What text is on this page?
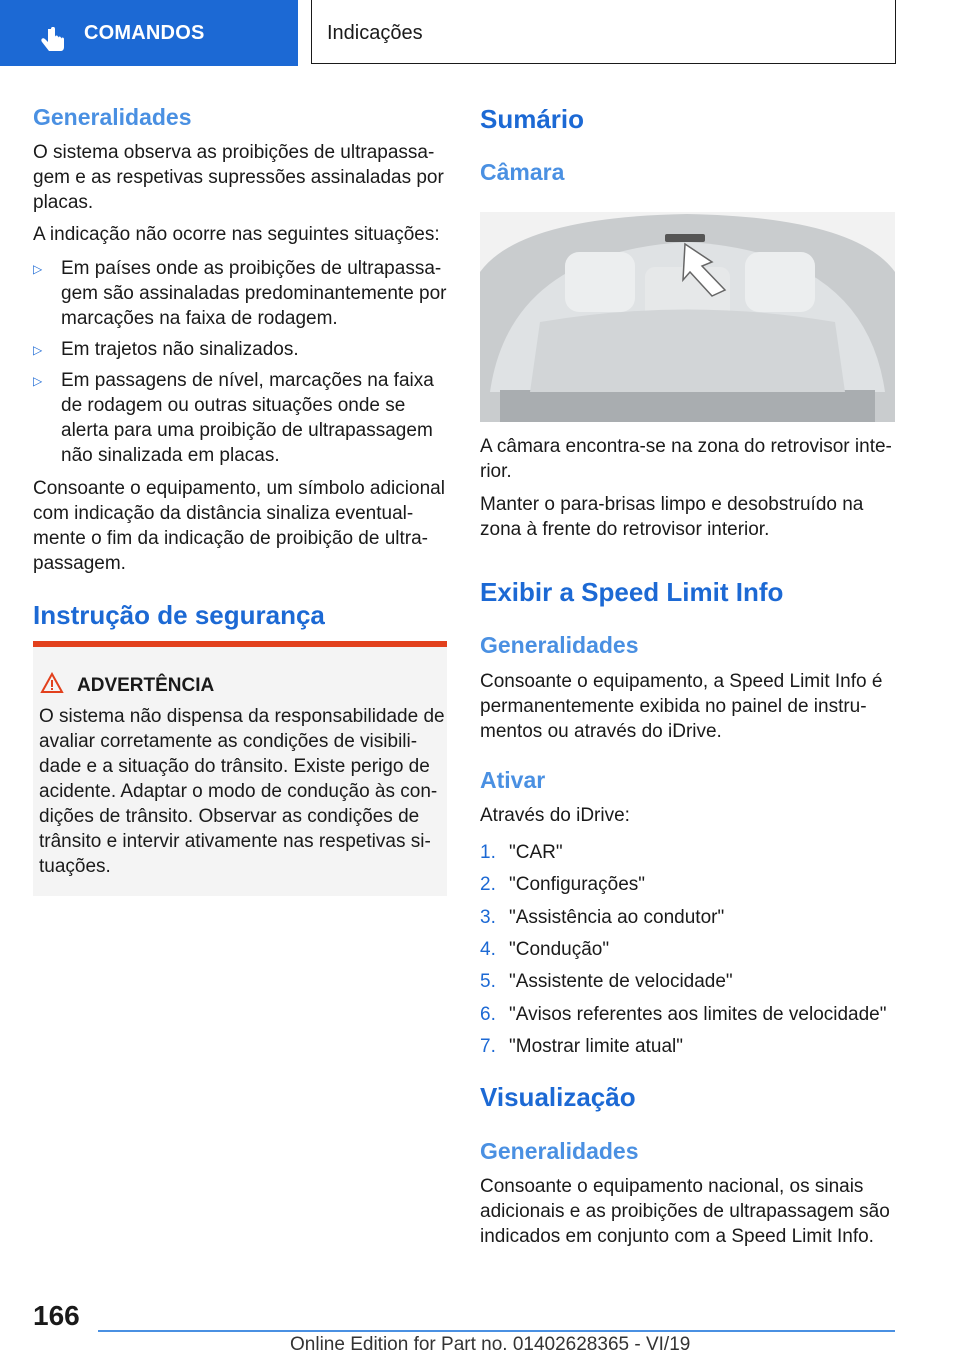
COMANDOS	Indicações
Generalidades

O sistema observa as proibições de ultrapassa-gem e as respetivas supressões assinaladas por placas.

A indicação não ocorre nas seguintes situações:

▷ Em países onde as proibições de ultrapassa-gem são assinaladas predominantemente por marcações na faixa de rodagem.
▷ Em trajetos não sinalizados.
▷ Em passagens de nível, marcações na faixa de rodagem ou outras situações onde se alerta para uma proibição de ultrapassagem não sinalizada em placas.

Consoante o equipamento, um símbolo adicional com indicação da distância sinaliza eventual-mente o fim da indicação de proibição de ultra-passagem.

Instrução de segurança
ADVERTÊNCIA
O sistema não dispensa da responsabilidade de avaliar corretamente as condições de visibili-dade e a situação do trânsito. Existe perigo de acidente. Adaptar o modo de condução às con-dições de trânsito. Observar as condições de trânsito e intervir ativamente nas respetivas si-tuações.
Sumário
Câmara

A câmara encontra-se na zona do retrovisor inte-rior.

Manter o para-brisas limpo e desobstruído na zona à frente do retrovisor interior.

Exibir a Speed Limit Info
Generalidades

Consoante o equipamento, a Speed Limit Info é permanentemente exibida no painel de instru-mentos ou através do iDrive.

Ativar

Através do iDrive:

1. "CAR"
2. "Configurações"
3. "Assistência ao condutor"
4. "Condução"
5. "Assistente de velocidade"
6. "Avisos referentes aos limites de velocidade"
7. "Mostrar limite atual"
Visualização
Generalidades

Consoante o equipamento nacional, os sinais adicionais e as proibições de ultrapassagem são indicados em conjunto com a Speed Limit Info.

166
Online Edition for Part no. 01402628365 - VI/19
